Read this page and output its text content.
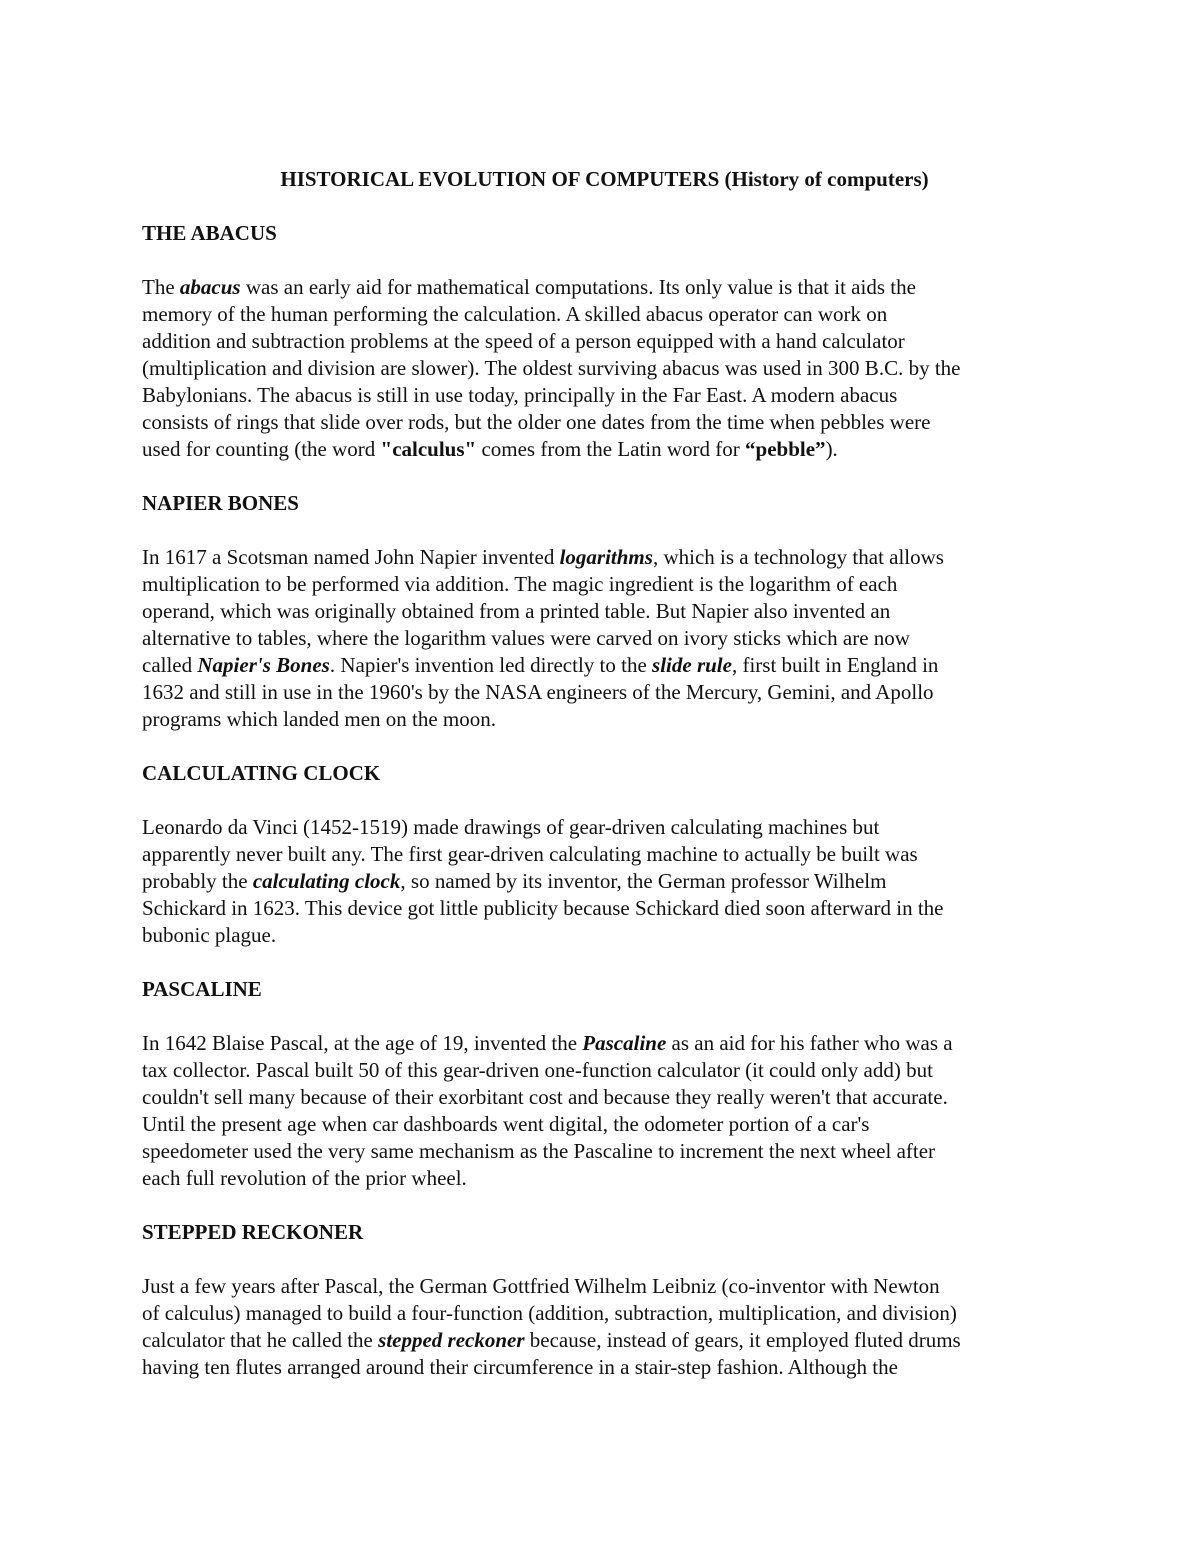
HISTORICAL EVOLUTION OF COMPUTERS (History of computers)
THE ABACUS
The abacus was an early aid for mathematical computations. Its only value is that it aids the
memory of the human performing the calculation. A skilled abacus operator can work on
addition and subtraction problems at the speed of a person equipped with a hand calculator
(multiplication and division are slower). The oldest surviving abacus was used in 300 B.C. by the
Babylonians. The abacus is still in use today, principally in the Far East. A modern abacus
consists of rings that slide over rods, but the older one dates from the time when pebbles were
used for counting (the word "calculus" comes from the Latin word for “pebble”).
NAPIER BONES
In 1617 a Scotsman named John Napier invented logarithms, which is a technology that allows
multiplication to be performed via addition. The magic ingredient is the logarithm of each
operand, which was originally obtained from a printed table. But Napier also invented an
alternative to tables, where the logarithm values were carved on ivory sticks which are now
called Napier's Bones. Napier's invention led directly to the slide rule, first built in England in
1632 and still in use in the 1960's by the NASA engineers of the Mercury, Gemini, and Apollo
programs which landed men on the moon.
CALCULATING CLOCK
Leonardo da Vinci (1452-1519) made drawings of gear-driven calculating machines but
apparently never built any. The first gear-driven calculating machine to actually be built was
probably the calculating clock, so named by its inventor, the German professor Wilhelm
Schickard in 1623. This device got little publicity because Schickard died soon afterward in the
bubonic plague.
PASCALINE
In 1642 Blaise Pascal, at the age of 19, invented the Pascaline as an aid for his father who was a
tax collector. Pascal built 50 of this gear-driven one-function calculator (it could only add) but
couldn't sell many because of their exorbitant cost and because they really weren't that accurate.
Until the present age when car dashboards went digital, the odometer portion of a car's
speedometer used the very same mechanism as the Pascaline to increment the next wheel after
each full revolution of the prior wheel.
STEPPED RECKONER
Just a few years after Pascal, the German Gottfried Wilhelm Leibniz (co-inventor with Newton
of calculus) managed to build a four-function (addition, subtraction, multiplication, and division)
calculator that he called the stepped reckoner because, instead of gears, it employed fluted drums
having ten flutes arranged around their circumference in a stair-step fashion. Although the
